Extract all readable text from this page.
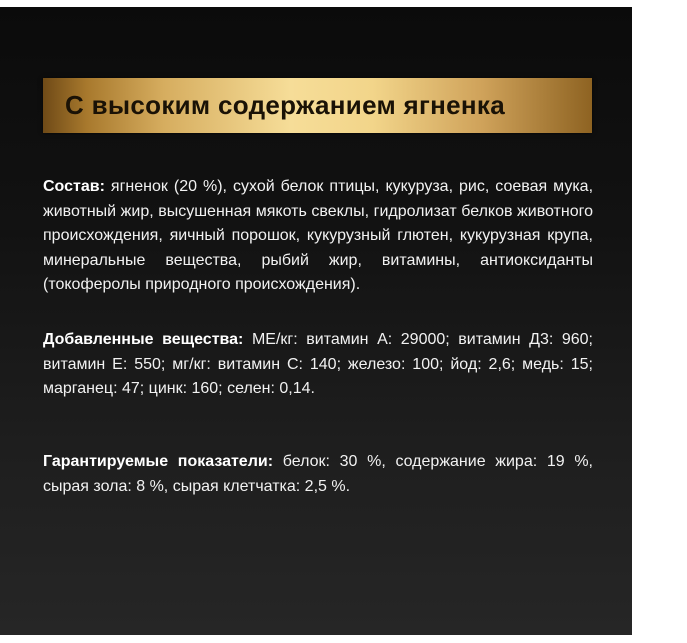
С высоким содержанием ягненка
Состав: ягненок (20 %), сухой белок птицы, кукуруза, рис, соевая мука, животный жир, высушенная мякоть свеклы, гидролизат белков животного происхождения, яичный порошок, кукурузный глютен, кукурузная крупа, минеральные вещества, рыбий жир, витамины, антиоксиданты (токоферолы природного происхождения).
Добавленные вещества: МЕ/кг: витамин А: 29000; витамин Д3: 960; витамин Е: 550; мг/кг: витамин С: 140; железо: 100; йод: 2,6; медь: 15; марганец: 47; цинк: 160; селен: 0,14.
Гарантируемые показатели: белок: 30 %, содержание жира: 19 %, сырая зола: 8 %, сырая клетчатка: 2,5 %.
